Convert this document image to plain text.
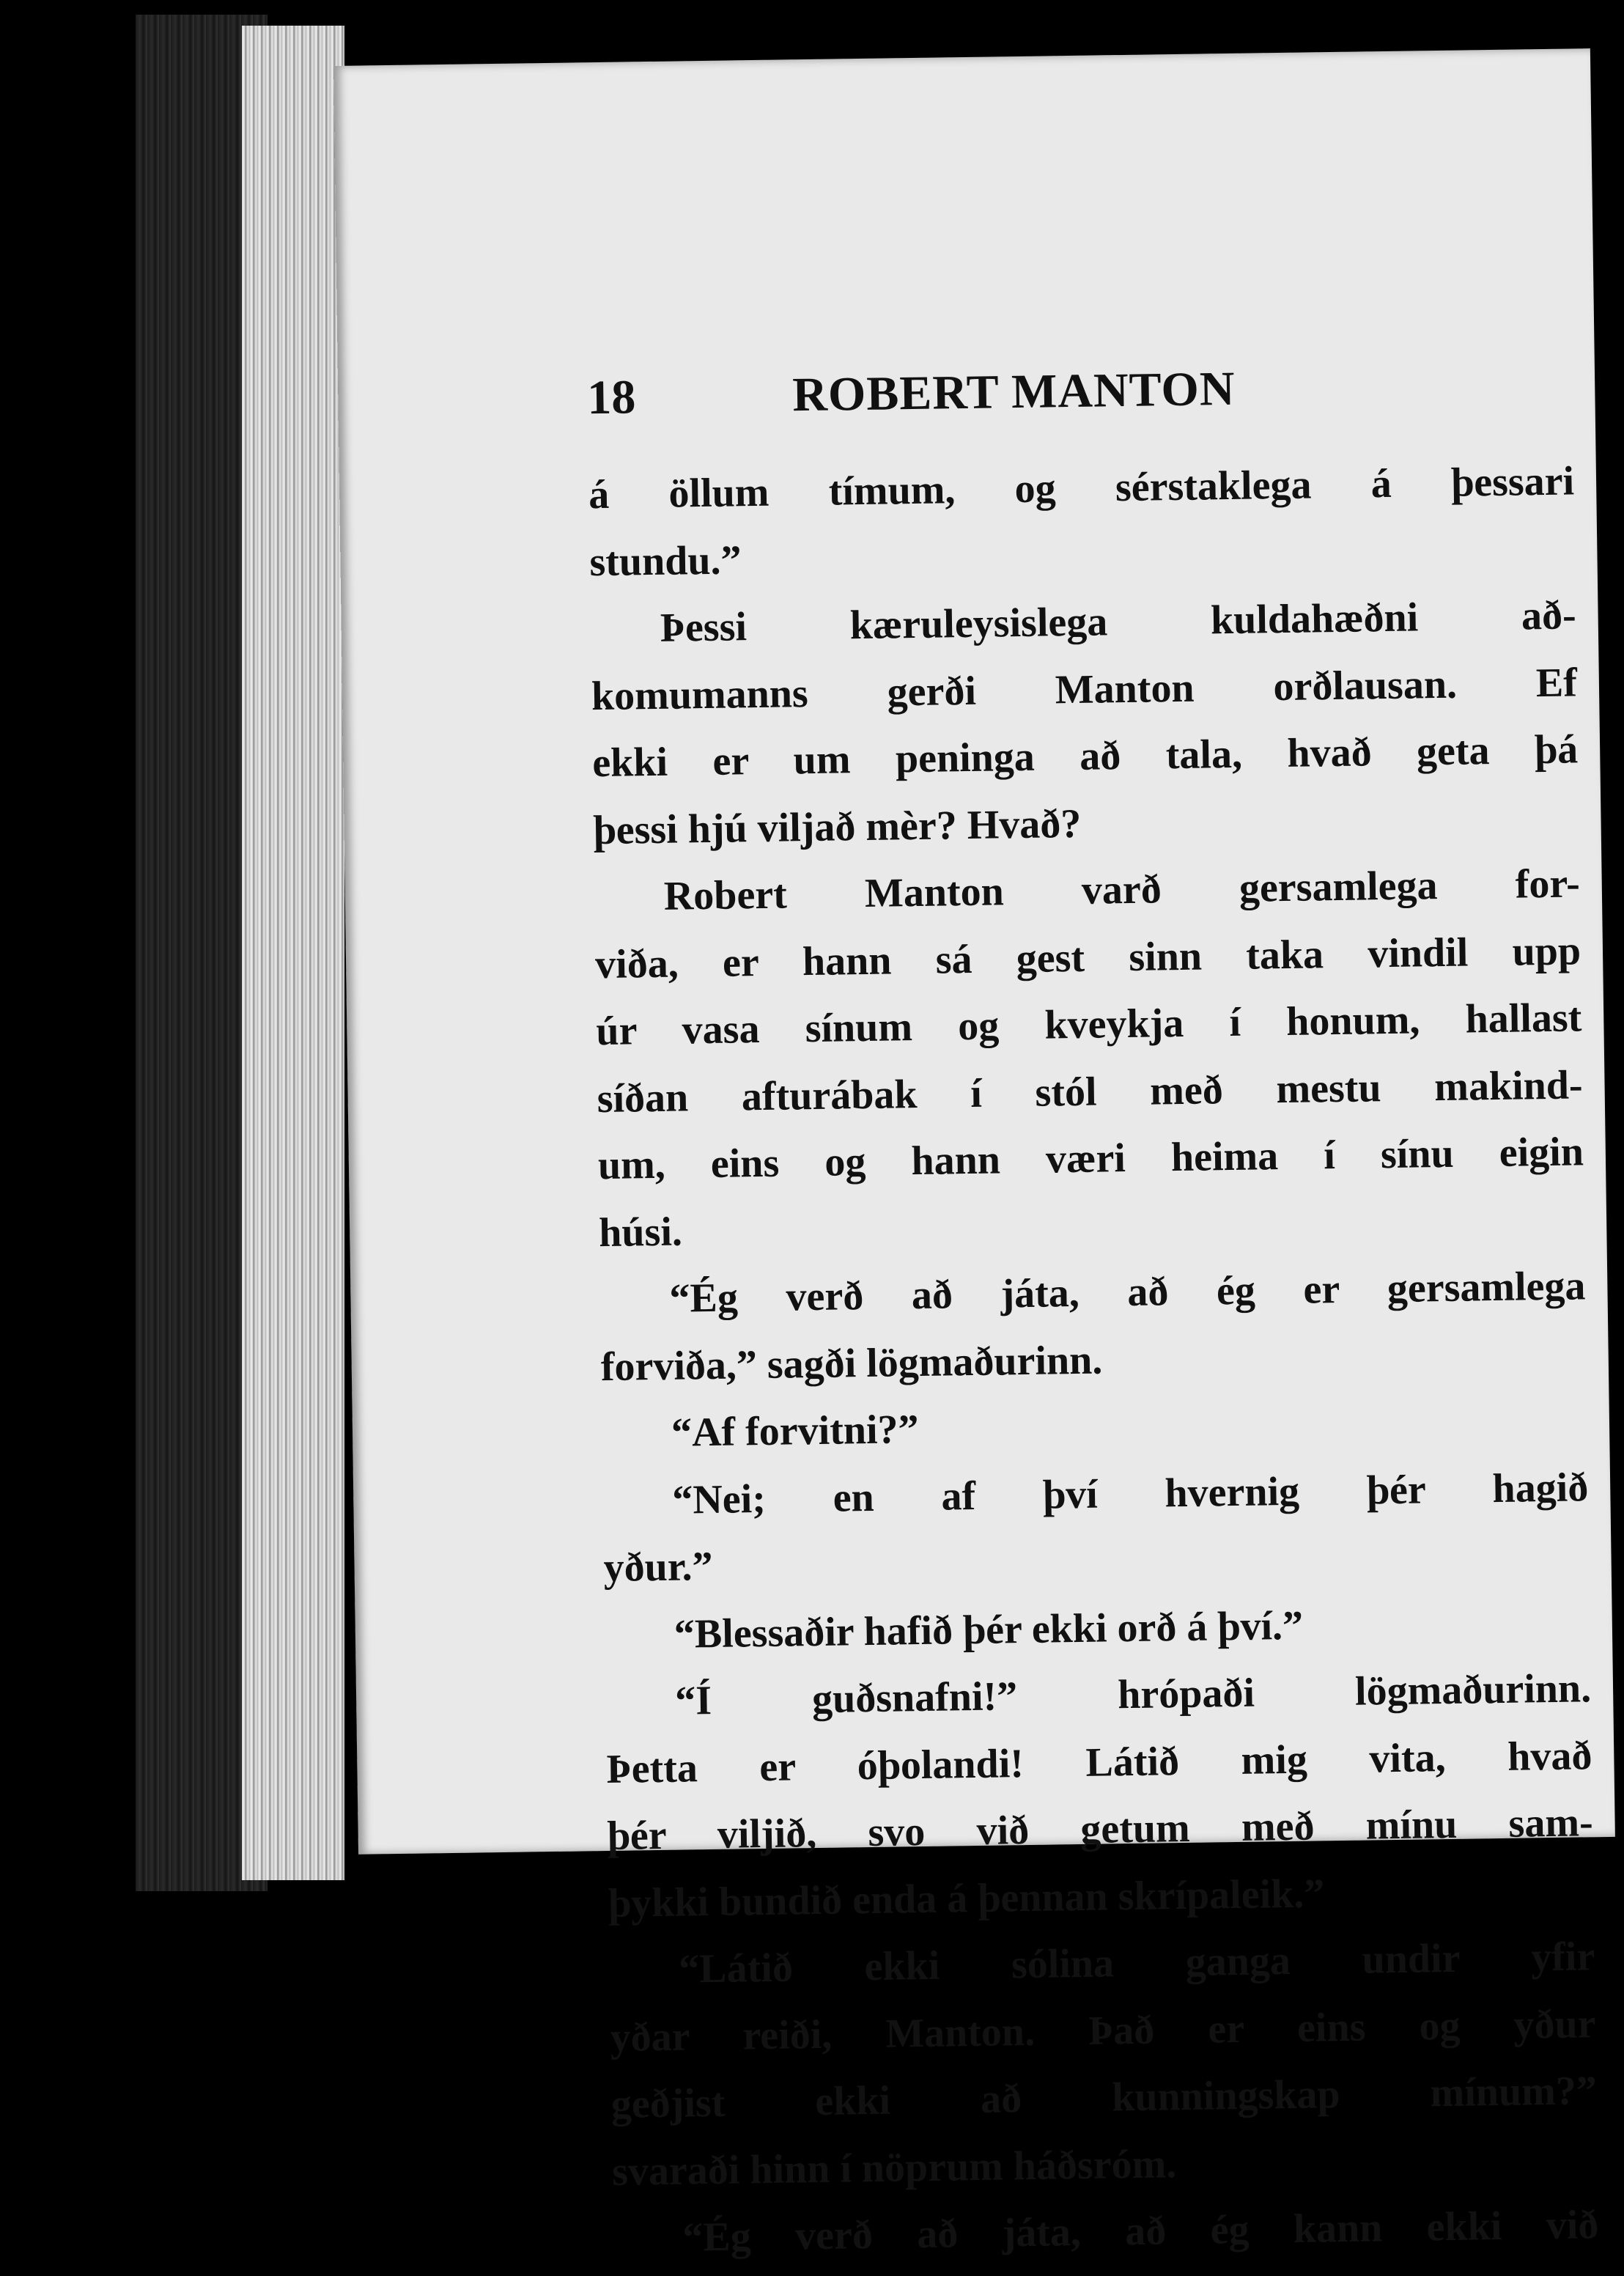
18	ROBERT MANTON
á öllum tímum, og sérstaklega á þessari
stundu.”
Þessi kæruleysislega kuldahæðni að-
komumanns gerði Manton orðlausan. Ef
ekki er um peninga að tala, hvað geta þá
þessi hjú viljað mèr? Hvað?
Robert Manton varð gersamlega for-
viða, er hann sá gest sinn taka vindil upp
úr vasa sínum og kveykja í honum, hallast
síðan afturábak í stól með mestu makind-
um, eins og hann væri heima í sínu eigin
húsi.
“Ég verð að játa, að ég er gersamlega
forviða,” sagði lögmaðurinn.
“Af forvitni?”
“Nei; en af því hvernig þér hagið
yður.”
“Blessaðir hafið þér ekki orð á því.”
“Í guðsnafni!” hrópaði lögmaðurinn.
Þetta er óþolandi! Látið mig vita, hvað
þér viljið, svo við getum með mínu sam-
þykki bundið enda á þennan skrípaleik.”
“Látið ekki sólina ganga undir yfir
yðar reiði, Manton. Það er eins og yður
geðjist ekki að kunningskap mínum?”
svaraði hinn í nöprum háðsróm.
“Ég verð að játa, að ég kann ekki við
